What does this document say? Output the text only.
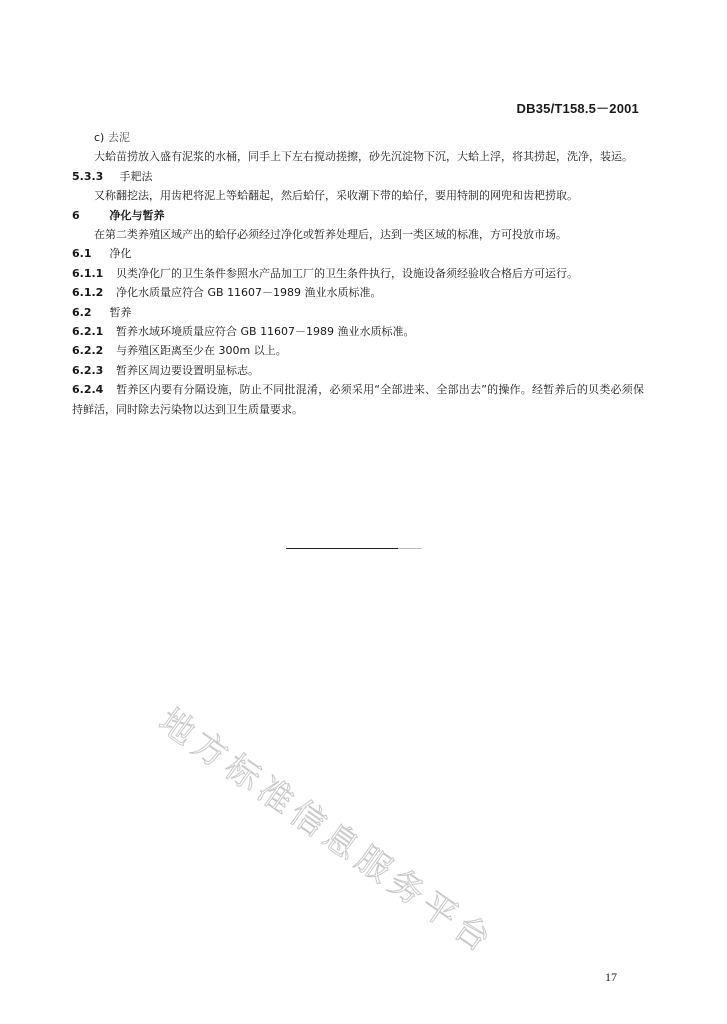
DB35/T158.5－2001

c) 去泥

大蛤苗捞放入盛有泥浆的水桶，同手上下左右搅动搓擦，砂先沉淀物下沉，大蛤上浮，将其捞起，洗净，装运。

5.3.3 手耙法

又称翻挖法，用齿耙将泥上等蛤翻起，然后蛤仔，采收潮下带的蛤仔，要用特制的网兜和齿耙捞取。

6	净化与暂养

在第二类养殖区域产出的蛤仔必须经过净化或暂养处理后，达到一类区域的标准，方可投放市场。

6.1 净化

6.1.1 贝类净化厂的卫生条件参照水产品加工厂的卫生条件执行，设施设备须经验收合格后方可运行。

6.1.2 净化水质量应符合 GB 11607－1989 渔业水质标准。

6.2 暂养

6.2.1 暂养水域环境质量应符合 GB 11607－1989 渔业水质标准。

6.2.2 与养殖区距离至少在 300m 以上。

6.2.3 暂养区周边要设置明显标志。

6.2.4 暂养区内要有分隔设施，防止不同批混淆，必须采用“全部进来、全部出去”的操作。经暂养后的贝类必须保持鲜活，同时除去污染物以达到卫生质量要求。

地方标准信息服务平台
17
